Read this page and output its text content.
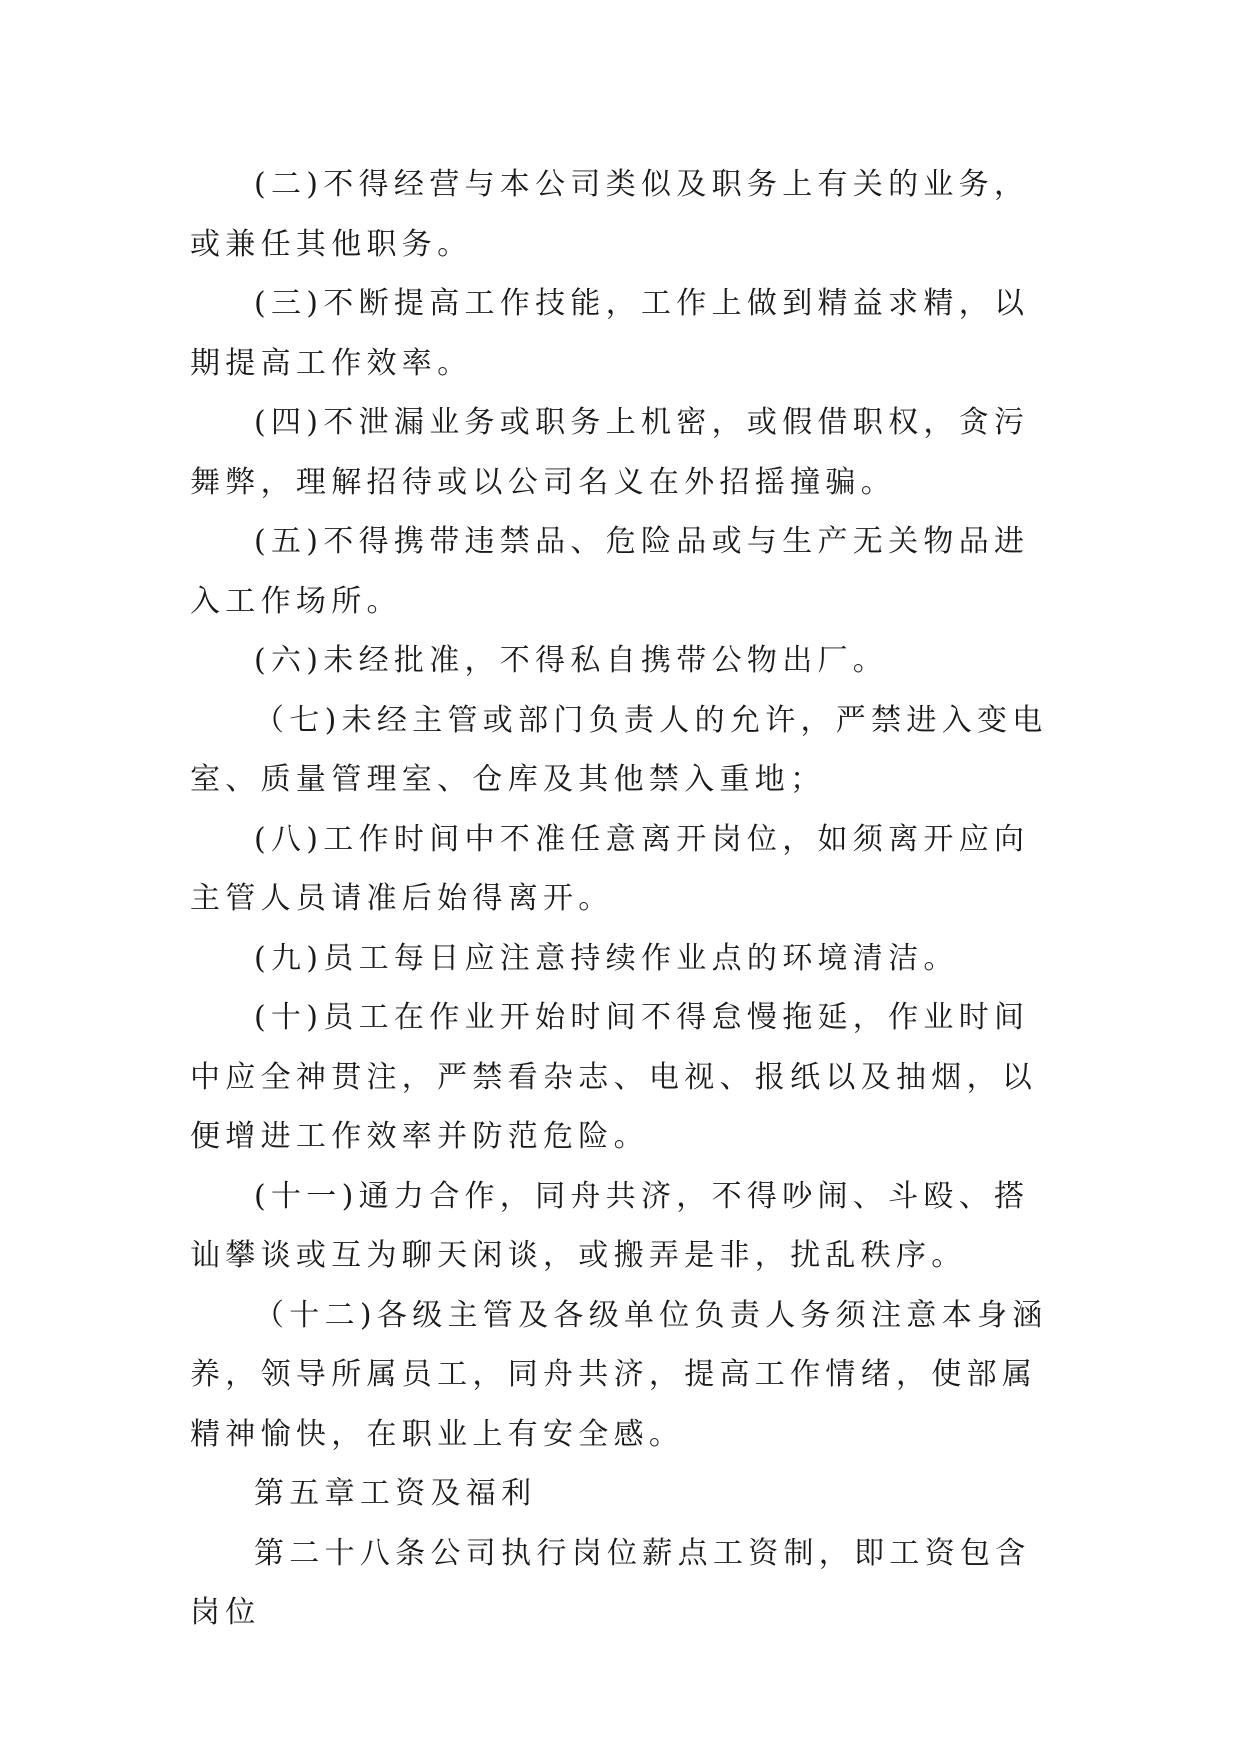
(二)不得经营与本公司类似及职务上有关的业务，或兼任其他职务。

(三)不断提高工作技能，工作上做到精益求精，以期提高工作效率。

(四)不泄漏业务或职务上机密，或假借职权，贪污舞弊，理解招待或以公司名义在外招摇撞骗。

(五)不得携带违禁品、危险品或与生产无关物品进入工作场所。

(六)未经批准，不得私自携带公物出厂。

（七)未经主管或部门负责人的允许，严禁进入变电室、质量管理室、仓库及其他禁入重地；

(八)工作时间中不准任意离开岗位，如须离开应向主管人员请准后始得离开。

(九)员工每日应注意持续作业点的环境清洁。

(十)员工在作业开始时间不得怠慢拖延，作业时间中应全神贯注，严禁看杂志、电视、报纸以及抽烟，以便增进工作效率并防范危险。

(十一)通力合作，同舟共济，不得吵闹、斗殴、搭讪攀谈或互为聊天闲谈，或搬弄是非，扰乱秩序。

（十二)各级主管及各级单位负责人务须注意本身涵养，领导所属员工，同舟共济，提高工作情绪，使部属精神愉快，在职业上有安全感。

第五章工资及福利

第二十八条公司执行岗位薪点工资制，即工资包含岗位
